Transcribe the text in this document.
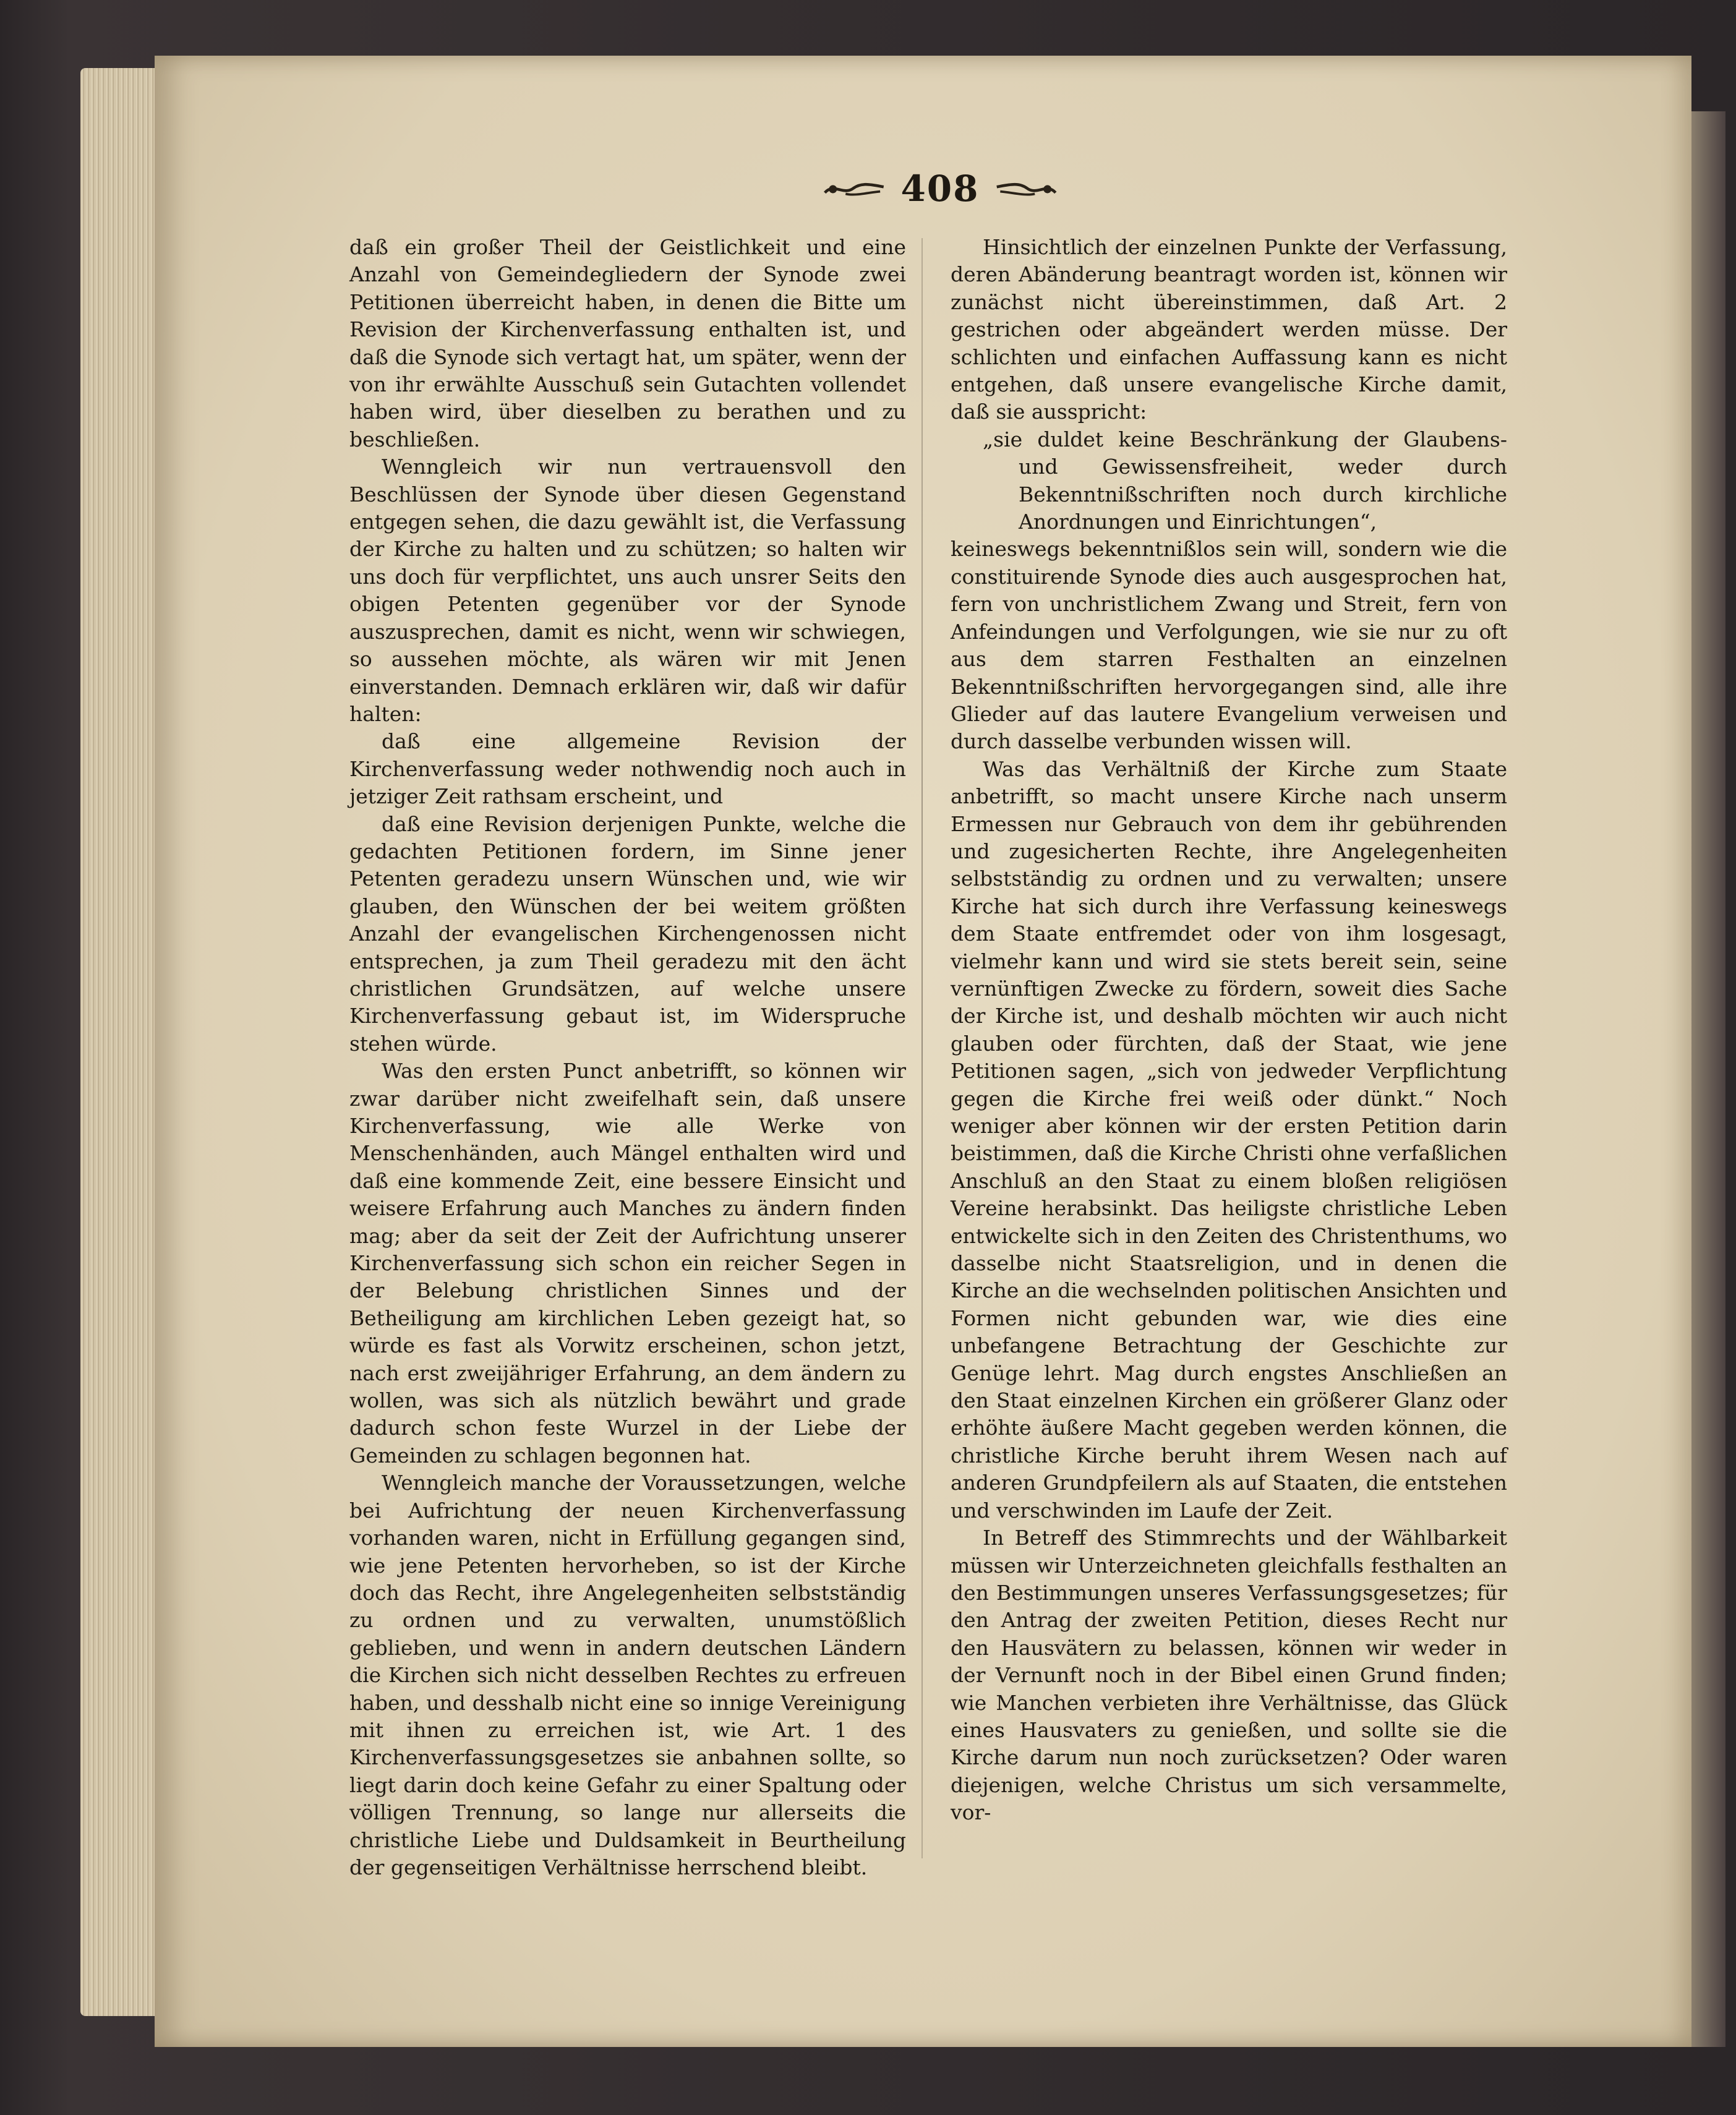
408

daß ein großer Theil der Geistlichkeit und eine Anzahl von Gemeindegliedern der Synode zwei Petitionen überreicht haben, in denen die Bitte um Revision der Kirchenverfassung enthalten ist, und daß die Synode sich vertagt hat, um später, wenn der von ihr erwählte Ausschuß sein Gutachten vollendet haben wird, über dieselben zu berathen und zu beschließen.

Wenngleich wir nun vertrauensvoll den Beschlüssen der Synode über diesen Gegenstand entgegen sehen, die dazu gewählt ist, die Verfassung der Kirche zu halten und zu schützen; so halten wir uns doch für verpflichtet, uns auch unsrer Seits den obigen Petenten gegenüber vor der Synode auszusprechen, damit es nicht, wenn wir schwiegen, so aussehen möchte, als wären wir mit Jenen einverstanden. Demnach erklären wir, daß wir dafür halten:

daß eine allgemeine Revision der Kirchenverfassung weder nothwendig noch auch in jetziger Zeit rathsam erscheint, und

daß eine Revision derjenigen Punkte, welche die gedachten Petitionen fordern, im Sinne jener Petenten geradezu unsern Wünschen und, wie wir glauben, den Wünschen der bei weitem größten Anzahl der evangelischen Kirchengenossen nicht entsprechen, ja zum Theil geradezu mit den ächt christlichen Grundsätzen, auf welche unsere Kirchenverfassung gebaut ist, im Widerspruche stehen würde.

Was den ersten Punct anbetrifft, so können wir zwar darüber nicht zweifelhaft sein, daß unsere Kirchenverfassung, wie alle Werke von Menschenhänden, auch Mängel enthalten wird und daß eine kommende Zeit, eine bessere Einsicht und weisere Erfahrung auch Manches zu ändern finden mag; aber da seit der Zeit der Aufrichtung unserer Kirchenverfassung sich schon ein reicher Segen in der Belebung christlichen Sinnes und der Betheiligung am kirchlichen Leben gezeigt hat, so würde es fast als Vorwitz erscheinen, schon jetzt, nach erst zweijähriger Erfahrung, an dem ändern zu wollen, was sich als nützlich bewährt und grade dadurch schon feste Wurzel in der Liebe der Gemeinden zu schlagen begonnen hat.

Wenngleich manche der Voraussetzungen, welche bei Aufrichtung der neuen Kirchenverfassung vorhanden waren, nicht in Erfüllung gegangen sind, wie jene Petenten hervorheben, so ist der Kirche doch das Recht, ihre Angelegenheiten selbstständig zu ordnen und zu verwalten, unumstößlich geblieben, und wenn in andern deutschen Ländern die Kirchen sich nicht desselben Rechtes zu erfreuen haben, und desshalb nicht eine so innige Vereinigung mit ihnen zu erreichen ist, wie Art. 1 des Kirchenverfassungsgesetzes sie anbahnen sollte, so liegt darin doch keine Gefahr zu einer Spaltung oder völligen Trennung, so lange nur allerseits die christliche Liebe und Duldsamkeit in Beurtheilung der gegenseitigen Verhältnisse herrschend bleibt.

Hinsichtlich der einzelnen Punkte der Verfassung, deren Abänderung beantragt worden ist, können wir zunächst nicht übereinstimmen, daß Art. 2 gestrichen oder abgeändert werden müsse. Der schlichten und einfachen Auffassung kann es nicht entgehen, daß unsere evangelische Kirche damit, daß sie ausspricht:

„sie duldet keine Beschränkung der Glaubens- und Gewissensfreiheit, weder durch Bekenntnißschriften noch durch kirchliche Anordnungen und Einrichtungen“,

keineswegs bekenntnißlos sein will, sondern wie die constituirende Synode dies auch ausgesprochen hat, fern von unchristlichem Zwang und Streit, fern von Anfeindungen und Verfolgungen, wie sie nur zu oft aus dem starren Festhalten an einzelnen Bekenntnißschriften hervorgegangen sind, alle ihre Glieder auf das lautere Evangelium verweisen und durch dasselbe verbunden wissen will.

Was das Verhältniß der Kirche zum Staate anbetrifft, so macht unsere Kirche nach unserm Ermessen nur Gebrauch von dem ihr gebührenden und zugesicherten Rechte, ihre Angelegenheiten selbstständig zu ordnen und zu verwalten; unsere Kirche hat sich durch ihre Verfassung keineswegs dem Staate entfremdet oder von ihm losgesagt, vielmehr kann und wird sie stets bereit sein, seine vernünftigen Zwecke zu fördern, soweit dies Sache der Kirche ist, und deshalb möchten wir auch nicht glauben oder fürchten, daß der Staat, wie jene Petitionen sagen, „sich von jedweder Verpflichtung gegen die Kirche frei weiß oder dünkt.“ Noch weniger aber können wir der ersten Petition darin beistimmen, daß die Kirche Christi ohne verfaßlichen Anschluß an den Staat zu einem bloßen religiösen Vereine herabsinkt. Das heiligste christliche Leben entwickelte sich in den Zeiten des Christenthums, wo dasselbe nicht Staatsreligion, und in denen die Kirche an die wechselnden politischen Ansichten und Formen nicht gebunden war, wie dies eine unbefangene Betrachtung der Geschichte zur Genüge lehrt. Mag durch engstes Anschließen an den Staat einzelnen Kirchen ein größerer Glanz oder erhöhte äußere Macht gegeben werden können, die christliche Kirche beruht ihrem Wesen nach auf anderen Grundpfeilern als auf Staaten, die entstehen und verschwinden im Laufe der Zeit.

In Betreff des Stimmrechts und der Wählbarkeit müssen wir Unterzeichneten gleichfalls festhalten an den Bestimmungen unseres Verfassungsgesetzes; für den Antrag der zweiten Petition, dieses Recht nur den Hausvätern zu belassen, können wir weder in der Vernunft noch in der Bibel einen Grund finden; wie Manchen verbieten ihre Verhältnisse, das Glück eines Hausvaters zu genießen, und sollte sie die Kirche darum nun noch zurücksetzen? Oder waren diejenigen, welche Christus um sich versammelte, vor-
